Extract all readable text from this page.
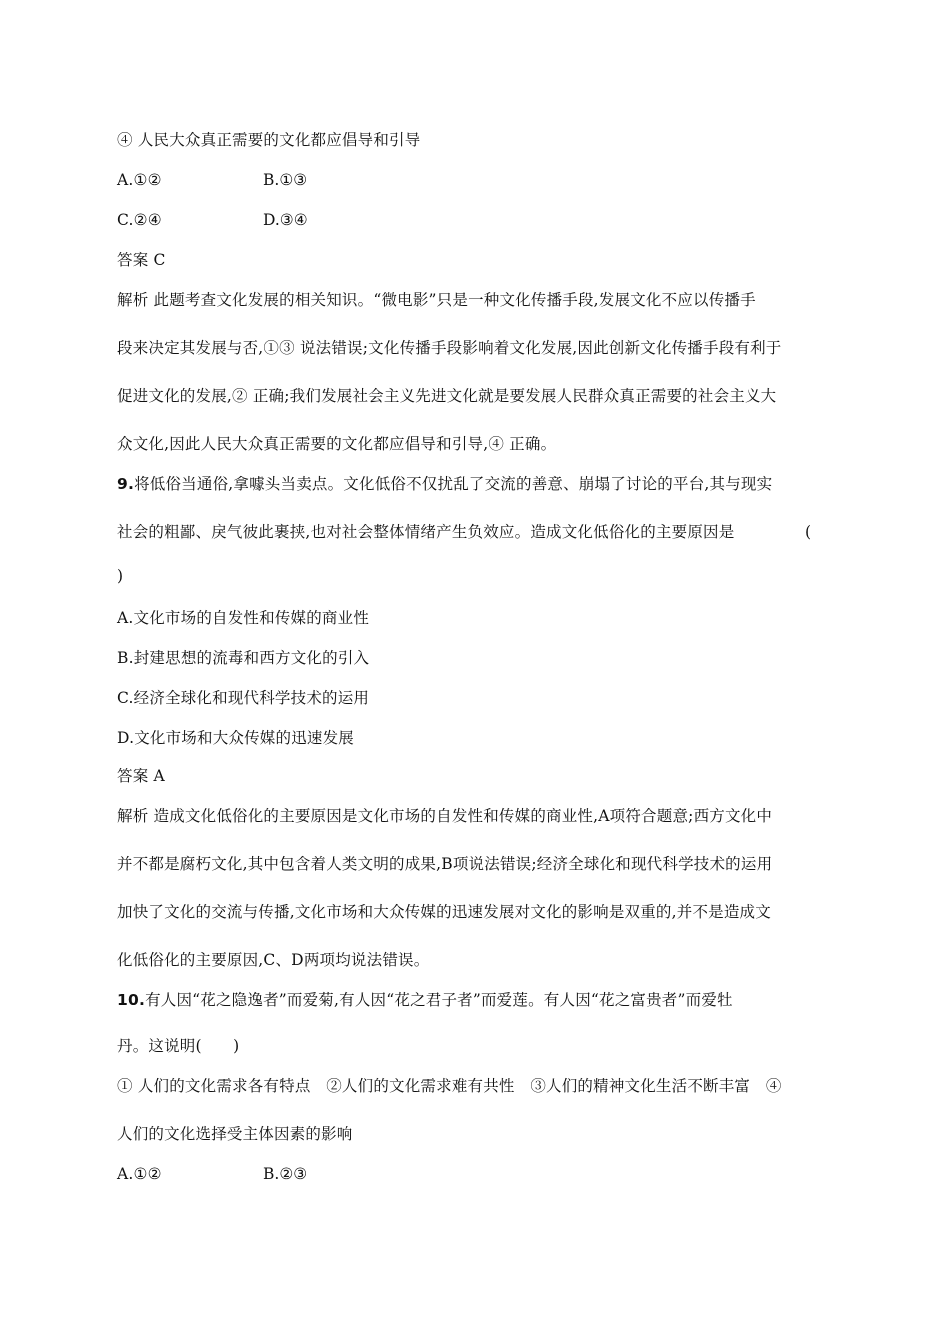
④ 人民大众真正需要的文化都应倡导和引导
A.①②	B.①③
C.②④	D.③④
答案 C
解析 此题考查文化发展的相关知识。“微电影”只是一种文化传播手段,发展文化不应以传播手
段来决定其发展与否,①③ 说法错误;文化传播手段影响着文化发展,因此创新文化传播手段有利于
促进文化的发展,② 正确;我们发展社会主义先进文化就是要发展人民群众真正需要的社会主义大
众文化,因此人民大众真正需要的文化都应倡导和引导,④ 正确。
9.将低俗当通俗,拿噱头当卖点。文化低俗不仅扰乱了交流的善意、崩塌了讨论的平台,其与现实
社会的粗鄙、戾气彼此裹挟,也对社会整体情绪产生负效应。造成文化低俗化的主要原因是	(
)
A.文化市场的自发性和传媒的商业性
B.封建思想的流毒和西方文化的引入
C.经济全球化和现代科学技术的运用
D.文化市场和大众传媒的迅速发展
答案 A
解析 造成文化低俗化的主要原因是文化市场的自发性和传媒的商业性,A项符合题意;西方文化中
并不都是腐朽文化,其中包含着人类文明的成果,B项说法错误;经济全球化和现代科学技术的运用
加快了文化的交流与传播,文化市场和大众传媒的迅速发展对文化的影响是双重的,并不是造成文
化低俗化的主要原因,C、D两项均说法错误。
10.有人因“花之隐逸者”而爱菊,有人因“花之君子者”而爱莲。有人因“花之富贵者”而爱牡
丹。这说明(　　)
① 人们的文化需求各有特点　②人们的文化需求难有共性　③人们的精神文化生活不断丰富　④
人们的文化选择受主体因素的影响
A.①②	B.②③
